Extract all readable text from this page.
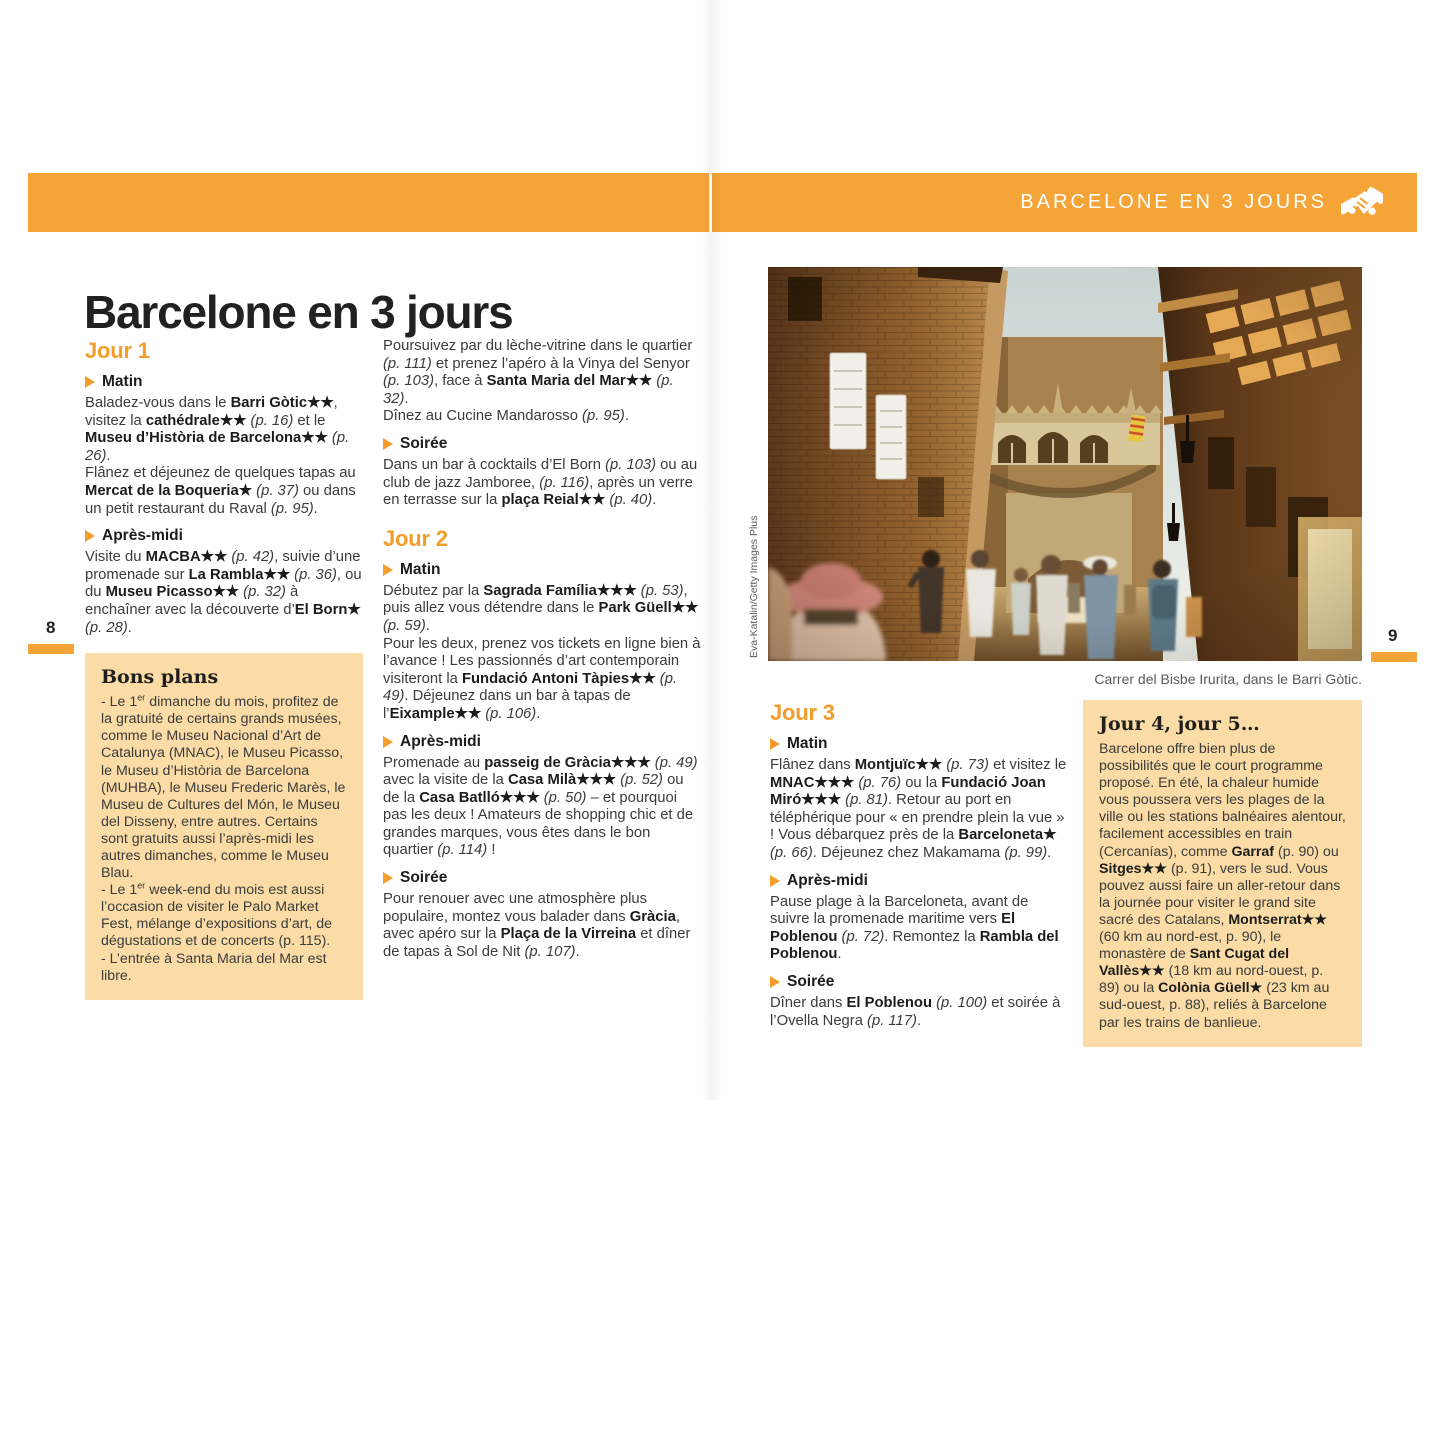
BARCELONE EN 3 JOURS
Barcelone en 3 jours
Jour 1
Matin

Baladez-vous dans le Barri Gòtic★★, visitez la cathédrale★★ (p. 16) et le Museu d’Història de Barcelona★★ (p. 26).

Flânez et déjeunez de quelques tapas au Mercat de la Boqueria★ (p. 37) ou dans un petit restaurant du Raval (p. 95).

Après-midi

Visite du MACBA★★ (p. 42), suivie d’une promenade sur La Rambla★★ (p. 36), ou du Museu Picasso★★ (p. 32) à enchaîner avec la découverte d’El Born★ (p. 28).

Bons plans

- Le 1er dimanche du mois, profitez de la gratuité de certains grands musées, comme le Museu Nacional d’Art de Catalunya (MNAC), le Museu Picasso, le Museu d’Història de Barcelona (MUHBA), le Museu Frederic Marès, le Museu de Cultures del Món, le Museu del Disseny, entre autres. Certains sont gratuits aussi l’après-midi les autres dimanches, comme le Museu Blau.

- Le 1er week-end du mois est aussi l’occasion de visiter le Palo Market Fest, mélange d’expositions d’art, de dégustations et de concerts (p. 115).

- L’entrée à Santa Maria del Mar est libre.

Poursuivez par du lèche-vitrine dans le quartier (p. 111) et prenez l’apéro à la Vinya del Senyor (p. 103), face à Santa Maria del Mar★★ (p. 32).

Dînez au Cucine Mandarosso (p. 95).

Soirée

Dans un bar à cocktails d’El Born (p. 103) ou au club de jazz Jamboree, (p. 116), après un verre en terrasse sur la plaça Reial★★ (p. 40).

Jour 2
Matin

Débutez par la Sagrada Família★★★ (p. 53), puis allez vous détendre dans le Park Güell★★ (p. 59).

Pour les deux, prenez vos tickets en ligne bien à l’avance ! Les passionnés d’art contemporain visiteront la Fundació Antoni Tàpies★★ (p. 49). Déjeunez dans un bar à tapas de l’Eixample★★ (p. 106).

Après-midi

Promenade au passeig de Gràcia★★★ (p. 49) avec la visite de la Casa Milà★★★ (p. 52) ou de la Casa Batlló★★★ (p. 50) – et pourquoi pas les deux ! Amateurs de shopping chic et de grandes marques, vous êtes dans le bon quartier (p. 114) !

Soirée

Pour renouer avec une atmosphère plus populaire, montez vous balader dans Gràcia, avec apéro sur la Plaça de la Virreina et dîner de tapas à Sol de Nit (p. 107).

Eva-Katalin/Getty Images Plus
Carrer del Bisbe Irurita, dans le Barri Gòtic.
Jour 3
Matin

Flânez dans Montjuïc★★ (p. 73) et visitez le MNAC★★★ (p. 76) ou la Fundació Joan Miró★★★ (p. 81). Retour au port en téléphérique pour « en prendre plein la vue » ! Vous débarquez près de la Barceloneta★ (p. 66). Déjeunez chez Makamama (p. 99).

Après-midi

Pause plage à la Barceloneta, avant de suivre la promenade maritime vers El Poblenou (p. 72). Remontez la Rambla del Poblenou.

Soirée

Dîner dans El Poblenou (p. 100) et soirée à l’Ovella Negra (p. 117).

Jour 4, jour 5…

Barcelone offre bien plus de possibilités que le court programme proposé. En été, la chaleur humide vous poussera vers les plages de la ville ou les stations balnéaires alentour, facilement accessibles en train (Cercanías), comme Garraf (p. 90) ou Sitges★★ (p. 91), vers le sud. Vous pouvez aussi faire un aller-retour dans la journée pour visiter le grand site sacré des Catalans, Montserrat★★ (60 km au nord-est, p. 90), le monastère de Sant Cugat del Vallès★★ (18 km au nord-ouest, p. 89) ou la Colònia Güell★ (23 km au sud-ouest, p. 88), reliés à Barcelone par les trains de banlieue.

8	9
